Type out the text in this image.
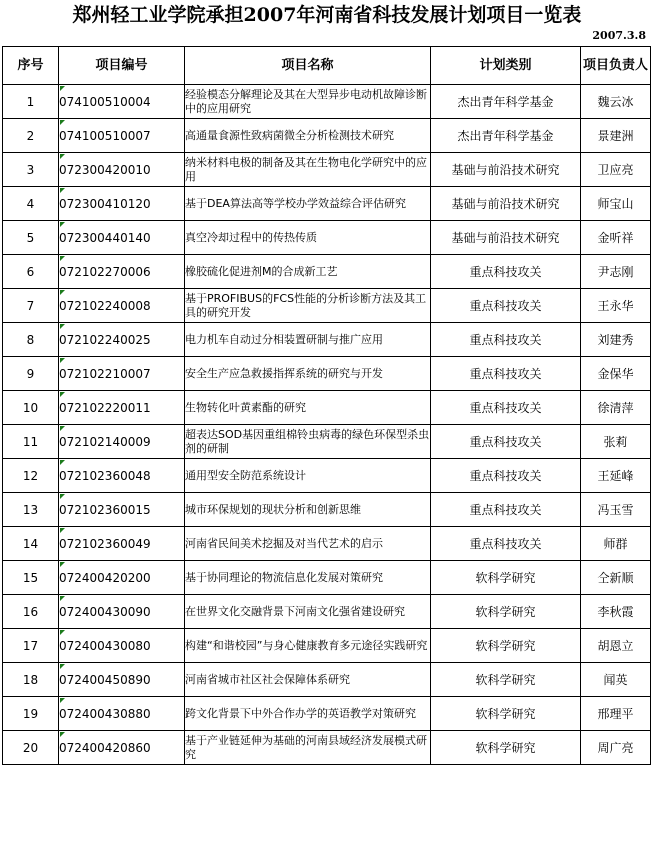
郑州轻工业学院承担2007年河南省科技发展计划项目一览表
2007.3.8
序号	项目编号	项目名称	计划类别	项目负责人
1	074100510004	经验模态分解理论及其在大型异步电动机故障诊断中的应用研究	杰出青年科学基金	魏云冰
2	074100510007	高通量食源性致病菌微全分析检测技术研究	杰出青年科学基金	景建洲
3	072300420010	纳米材料电极的制备及其在生物电化学研究中的应用	基础与前沿技术研究	卫应亮
4	072300410120	基于DEA算法高等学校办学效益综合评估研究	基础与前沿技术研究	师宝山
5	072300440140	真空冷却过程中的传热传质	基础与前沿技术研究	金听祥
6	072102270006	橡胶硫化促进剂M的合成新工艺	重点科技攻关	尹志刚
7	072102240008	基于PROFIBUS的FCS性能的分析诊断方法及其工具的研究开发	重点科技攻关	王永华
8	072102240025	电力机车自动过分相装置研制与推广应用	重点科技攻关	刘建秀
9	072102210007	安全生产应急救援指挥系统的研究与开发	重点科技攻关	金保华
10	072102220011	生物转化叶黄素酯的研究	重点科技攻关	徐清萍
11	072102140009	超表达SOD基因重组棉铃虫病毒的绿色环保型杀虫剂的研制	重点科技攻关	张莉
12	072102360048	通用型安全防范系统设计	重点科技攻关	王延峰
13	072102360015	城市环保规划的现状分析和创新思维	重点科技攻关	冯玉雪
14	072102360049	河南省民间美术挖掘及对当代艺术的启示	重点科技攻关	师群
15	072400420200	基于协同理论的物流信息化发展对策研究	软科学研究	仝新顺
16	072400430090	在世界文化交融背景下河南文化强省建设研究	软科学研究	李秋霞
17	072400430080	构建“和谐校园”与身心健康教育多元途径实践研究	软科学研究	胡恩立
18	072400450890	河南省城市社区社会保障体系研究	软科学研究	闻英
19	072400430880	跨文化背景下中外合作办学的英语教学对策研究	软科学研究	邢理平
20	072400420860	基于产业链延伸为基础的河南县域经济发展模式研究	软科学研究	周广亮
